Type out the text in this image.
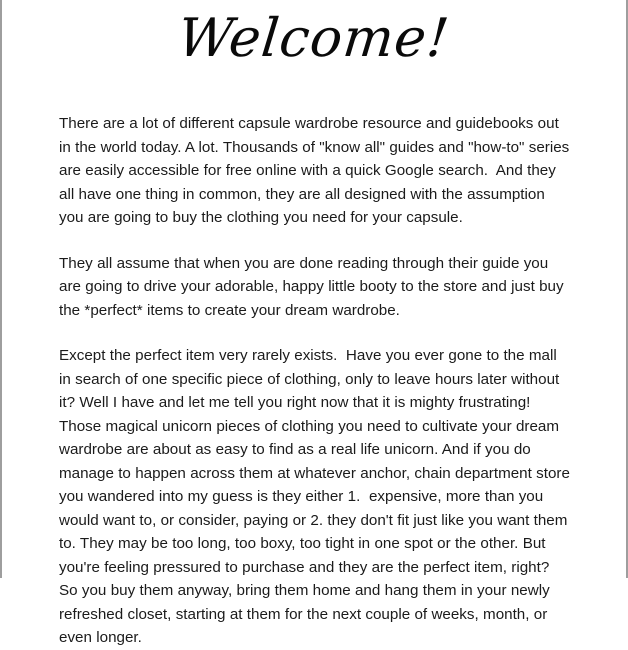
Welcome!

There are a lot of different capsule wardrobe resource and guidebooks out in the world today. A lot. Thousands of "know all" guides and "how-to" series are easily accessible for free online with a quick Google search.  And they all have one thing in common, they are all designed with the assumption you are going to buy the clothing you need for your capsule.

They all assume that when you are done reading through their guide you are going to drive your adorable, happy little booty to the store and just buy the *perfect* items to create your dream wardrobe.

Except the perfect item very rarely exists.  Have you ever gone to the mall in search of one specific piece of clothing, only to leave hours later without it? Well I have and let me tell you right now that it is mighty frustrating! Those magical unicorn pieces of clothing you need to cultivate your dream wardrobe are about as easy to find as a real life unicorn. And if you do manage to happen across them at whatever anchor, chain department store you wandered into my guess is they either 1.  expensive, more than you would want to, or consider, paying or 2. they don't fit just like you want them to. They may be too long, too boxy, too tight in one spot or the other. But you're feeling pressured to purchase and they are the perfect item, right? So you buy them anyway, bring them home and hang them in your newly refreshed closet, starting at them for the next couple of weeks, month, or even longer.
